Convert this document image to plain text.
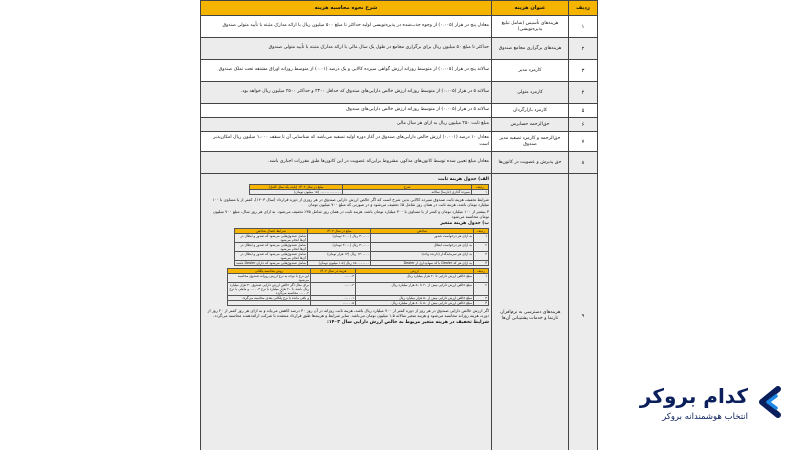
ردیف	عنوان هزینه	شرح نحوه محاسبه هزینه
۱	هزینه‌های تأسیس (شامل تبلیغ پذیره‌نویسی)	معادل پنج در هزار (۰.۰۰۵) از وجوه جذب‌شده در پذیره‌نویسی اولیه حداکثر تا مبلغ ۵۰۰ میلیون ریال با ارائه مدارک مثبته با تأیید متولی صندوق
۲	هزینه‌های برگزاری مجامع صندوق	حداکثر تا مبلغ ۵۰ میلیون ریال برای برگزاری مجامع در طول یک سال مالی با ارائه مدارک مثبته با تأیید متولی صندوق
۳	کارمزد مدیر	سالانه پنج در هزار (۰.۰۰۵) از متوسط روزانه ارزش گواهی سپرده کالایی و یک درصد (۰.۰۱) از متوسط روزانه اوراق مشتقه تحت تملک صندوق
۴	کارمزد متولی	سالانه ۵ در هزار (۰.۰۰۵) از متوسط روزانه ارزش خالص دارایی‌های صندوق که حداقل ۲۳۰۰ و حداکثر ۲۵۰۰ میلیون ریال خواهد بود.
۵	کارمزد بازارگردان	سالانه ۵ در هزار (۰.۰۰۵) از متوسط روزانه ارزش خالص دارایی‌های صندوق
۶	حق‌الزحمه حسابرس	مبلغ ثابت ۲۵۰ میلیون ریال به ازای هر سال مالی
۷	حق‌الزحمه و کارمزد تصفیه مدیر صندوق	معادل ۱۰ درصد (۰.۰۰۱) ارزش خالص دارایی‌های صندوق در آغاز دوره اولیه تصفیه می‌باشد که شناسایی آن تا سقف ۱،۰۰۰ میلیون ریال امکان‌پذیر است
۸	حق پذیرش و عضویت در کانون‌ها	معادل مبلغ تعیین شده توسط کانون‌های مذکور، مشروط براین‌که عضویت در این کانون‌ها طبق مقررات اجباری باشد.
۹	هزینه‌های دسترسی به نرم‌افزار، تارنما و خدمات پشتیبانی آن‌ها	
الف) جدول هزینه ثابت
ردیف	شرح	مبلغ در سال ۱۴۰۳ (بابت یک سال کامل)
۱	سپرده گذاری (تارنما) سالانه	۰.۰۰۰.۰۰۰.۰۰۰ (۱۵ میلیون تومان)

شرایط تخفیف هزینه ثابت صندوق سپرده کالایی بدین شرح است که اگر خالص ارزش دارایی صندوق در هر روزی از دوره قرارداد (سال ۱۴۰۳)، کمتر از یا مساوی با ۱۰۰ میلیارد تومان باشد، هزینه ثابت در همان روز شامل ۵٪ تخفیف می‌شود و در صورتی که مبلغ ۷۰۰ میلیون تومان

۳ بیشتر از ۱۰۰ میلیارد تومان و کمتر از یا مساوی با ۳۰۰ میلیارد تومان باشد، هزینه ثابت در همان روز شامل ۳۵٪ تخفیف می‌شود. به ازای هر روز سال، مبلغ ۷۰۰ میلیون تومان محاسبه می‌شود

ب) جدول هزینه متغیر
ردیف	شاخص	مبلغ در سال ۱۴۰۳	شرایط اعمال شاخص
۱	به ازای هر درخواست صدور	۳۰.۰۰۰ ریال (۳۰۰۰ تومان)	شامل صندوق‌هایی می‌شود که صدور و ابطال در آن‌ها انجام می‌شود
۲	به ازای هر درخواست ابطال	۳۰.۰۰۰ ریال (۳۰۰۰ تومان)	شامل صندوق‌هایی می‌شود که صدور و ابطال در آن‌ها انجام می‌شود
۳	به ازای هر سرمایه‌گذار (دارنده واحد)	۱۳۰.۰۰۰ ریال (۱۳ هزار تومان)	شامل صندوق‌هایی می‌شود که صدور و ابطال در آن‌ها انجام می‌شود
۴	به ازای هر کد Dealer یا کد سهام‌داری از Dealer	۱۵.۰۰۰.۰۰۰ ریال (۱.۵ میلیون تومان)	شامل صندوق‌هایی می‌شود که دارای Dealer باشند
ردیف	ارزش	هزینه در سال ۱۴۰۳	روش محاسبه پلکانی
۱	مبلغ خالص ارزش دارایی تا ۲۰ هزار میلیارد ریال	۰.۰۰۰۳	این نرخ با توجه به نرخ ارزش روزانه صندوق محاسبه می‌شود
۲	مبلغ خالص ارزش دارایی بیش از ۲۰ تا ۵۰ هزار میلیارد ریال	۰.۰۰۰۲	برای مثال اگر خالص ارزش دارایی صندوق ۳۰ هزار میلیارد ریال باشد، تا ۲۰ هزار میلیارد با نرخ ۰.۰۰۰۳ و مابقی با نرخ ۰.۰۰۰۲ محاسبه می‌گردد
۳	مبلغ خالص ارزش دارایی بیش از ۵۰ هزار میلیارد ریال	۰.۰۰۰۱	و باقی مانده با نرخ پلکانی بعدی محاسبه می‌گردد
۴	مبلغ خالص ارزش دارایی بیش از ۵۰ تا ۸۰ هزار میلیارد ریال	۰.۰۰۰۰۵	

اگر ارزش خالص دارایی صندوق در هر روز از دوره کمتر از ۷۰۰ میلیارد ریال باشد، هزینه ثابت روزانه در آن روز ۳۰ درصد کاهش می‌یابد و به ازای هر روز کمتر از ۲۰ روز از دوره، هزینه روزانه محاسبه می‌شود و هزینه متغیر سالانه ۱.۵ میلیون تومان می‌باشد. سایر شرایط و هزینه‌ها طبق قرارداد منعقده با شرکت ارائه‌دهنده محاسبه می‌گردد.

شرایط تخفیف در هزینه متغیر مربوط به خالص ارزش دارایی سال ۱۴۰۳:
کدام بروکر
انتخاب هوشمندانه بروکر
